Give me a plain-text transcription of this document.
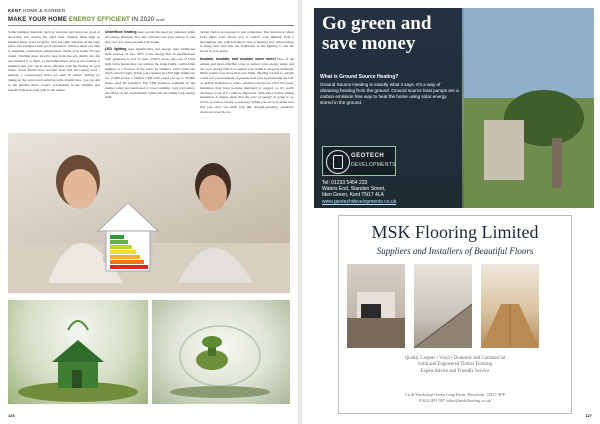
KENT HOME & GARDEN
MAKE YOUR HOME ENERGY EFFICIENT IN 2020 cont'

Some building materials such as concrete and stone are good at absorbing and storing the sun's heat, making them high in thermal mass. Used properly, with the right amounts in the right place and equipped with good insulation, thermal mass can help to maintain comfortable temperatures inside your home all year round. Thermal mass absorbs heat from the sun during the day and releases it at night, so the temperature drop in the evening is minimal and you can be more efficient with the heating in your home. Stone homes have thermal mass that isn't being used – perhaps a conservatory that's not used in winter. Simply by taking up the carpet and replacing with ceramic tiles, you can add to the thermal mass, reduce overheating in the summer and benefit from free solar gain in the winter.

Underfloor heating uses overall the need for radiators while the energy efficient. Not only will this save your energy, it will also save you space around your home.

LED lighting uses significantly less energy than traditional light sources. In fact, 90% of the energy that an incandescent bulb generates is lost as heat. What's more, the cost of LED light bulbs means they can achieve the same bright, comfortable lighting at a fraction of the price. In addition, LED bulbs last much, much longer. When you consider an LED light might last for 15,000 hours, a similar LED bulb could last up to 50,000 hours. And the benefits? The LED products available on the market today are developed to lower running costs and reduce the effect on the environment while still providing long lasting light.

design choice as opposed to just a function. The increase in smart LED lights even allows you to control your lighting from a smartphone app, which makes it easy to monitor how much energy is being used and alter the brightness of the lighting to suit the mood in your home.

Insulate, insulate, and insulate some more! One of the easiest and most effective ways to reduce your energy usage and cut your energy bills is to ensure your home is properly insulated. Many homes lose more than you think. Heating wasted to outside could cost you hundreds of pounds each year by insulating the loft, or adding insulation to walls, windows and doors. Over the years, insulation may have become damaged or sagged, so it's worth checking to see if it could be improved. With more homes adding insulation, it makes sense that the 'cost of energy' is going to go down, as well as saving you money. While you are at it, make sure that you carry out small jobs like draught-proofing, windows, doors and even floors.

126
Go green and save money
What is Ground Source Heating?
Ground Source Heating is exactly what it says. It's a way of obtaining heating from the ground. Ground source heat pumps are a carbon emission free way to heat the home using solar energy stored in the ground.
GEOTECH
DEVELOPMENTS
Tel: 01233 5454 233
Waters End, Standen Street,
Iden Green, Kent TN17 4LA
www.geotechdevelopments.co.uk
MSK Flooring Limited
Suppliers and Installers of Beautiful Floors
Quality Carpets • Vinyl • Domestic and Commercial
Solid and Engineered Timber Flooring
Expert Advice and Friendly Service
Croft Workshop Green Leap Farm, Headcorn, TN27 9PP
01622 891 937 sales@mskflooring.co.uk
127
